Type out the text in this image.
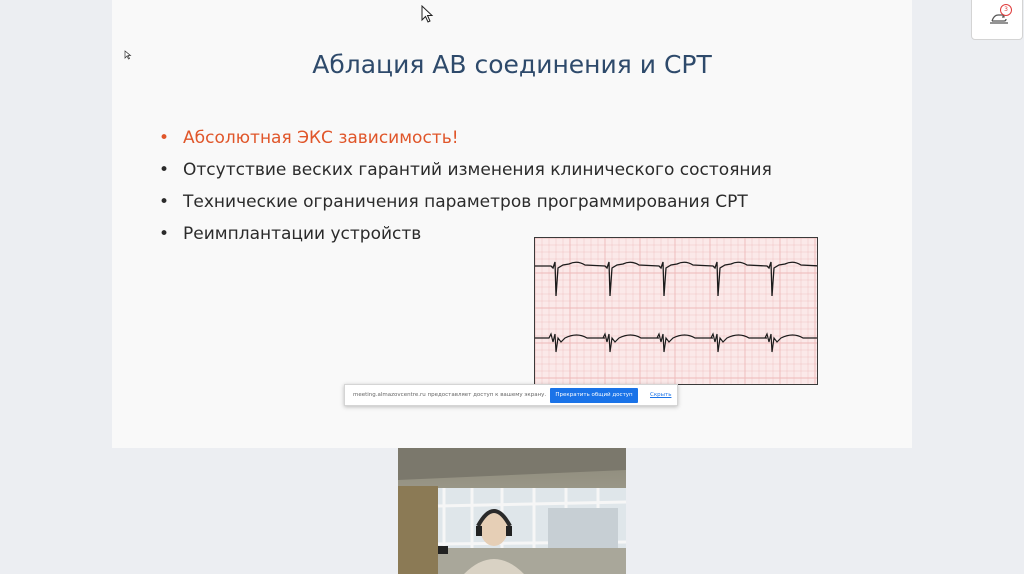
Аблация АВ соединения и СРТ
• Абсолютная ЭКС зависимость!
• Отсутствие веских гарантий изменения клинического состояния
• Технические ограничения параметров программирования СРТ
• Реимплантации устройств
meeting.almazovcentre.ru предоставляет доступ к вашему экрану.	Прекратить общий доступ	Скрыть
3
